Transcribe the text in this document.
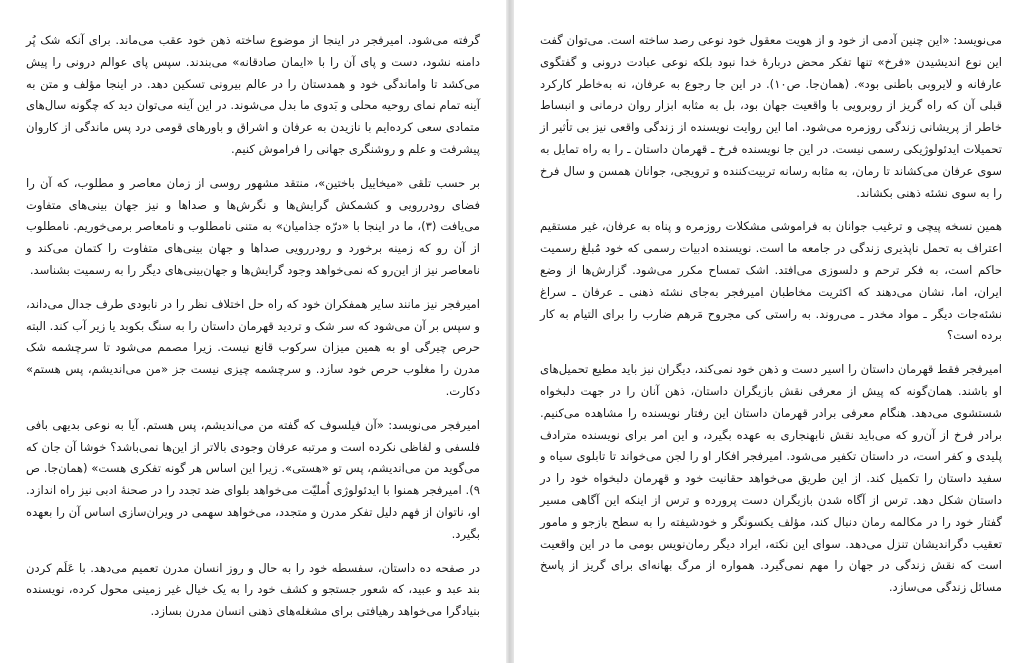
گرفته می‌شود. امیرفجر در اینجا از موضوع ساخته ذهن خود عقب می‌ماند. برای آنکه شک پُر دامنه نشود، دست و پای آن را با «ایمان صادقانه» می‌بندند. سپس پای عوالم درونی را پیش می‌کشد تا واماندگی خود و همدستان را در عالم بیرونی تسکین دهد. در اینجا مؤلف و متن به آینه تمام نمای روحیه محلی و بَدوی ما بدل می‌شوند. در این آینه می‌توان دید که چگونه سال‌های متمادی سعی کرده‌ایم با نازیدن به عرفان و اشراق و باورهای قومی درد پس ماندگی از کاروان پیشرفت و علم و روشنگری جهانی را فراموش کنیم.

بر حسب تلقی «میخاییل باختین»، منتقد مشهور روسی از زمان معاصر و مطلوب، که آن را فضای رودررویی و کشمکش گرایش‌ها و نگرش‌ها و صداها و نیز جهان بینی‌های متفاوت می‌یافت (۳)، ما در اینجا با «درّه جذامیان» به متنی نامطلوب و نامعاصر برمی‌خوریم. نامطلوب از آن رو که زمینه برخورد و رودررویی صداها و جهان بینی‌های متفاوت را کتمان می‌کند و نامعاصر نیز از این‌رو که نمی‌خواهد وجود گرایش‌ها و جهان‌بینی‌های دیگر را به رسمیت بشناسد.

امیرفجر نیز مانند سایر همفکران خود که راه حل اختلاف نظر را در نابودی طرف جدال می‌داند، و سپس بر آن می‌شود که سر شک و تردید قهرمان داستان را به سنگ بکوبد یا زیر آب کند. البته حرص چیرگی او به همین میزان سرکوب قانع نیست. زیرا مصمم می‌شود تا سرچشمه شک مدرن را مغلوب حرص خود سازد. و سرچشمه چیزی نیست جز «من می‌اندیشم، پس هستم» دکارت.

امیرفجر می‌نویسد: «آن فیلسوف که گفته من می‌اندیشم، پس هستم. آیا به نوعی بدیهی بافی فلسفی و لفاظی نکرده است و مرتبه عرفان وجودی بالاتر از این‌ها نمی‌باشد؟ خوشا آن جان که می‌گوید من می‌اندیشم، پس تو «هستی». زیرا این اساس هر گونه تفکری هست» (همان‌جا. ص ۹). امیرفجر همنوا با ایدئولوژی اُملیّت می‌خواهد بلوای ضد تجدد را در صحنهٔ ادبی نیز راه اندازد. او، ناتوان از فهم دلیل تفکر مدرن و متجدد، می‌خواهد سهمی در ویران‌سازی اساس آن را بعهده بگیرد.

در صفحه ده داستان، سفسطه خود را به حال و روز انسان مدرن تعمیم می‌دهد. با عَلَم کردن بند عبد و عبید، که شعور جستجو و کشف خود را به یک خیال غیر زمینی محول کرده، نویسنده بنیادگرا می‌خواهد رهیافتی برای مشغله‌های ذهنی انسان مدرن بسازد.

می‌نویسد: «این چنین آدمی از خود و از هویت معقول خود نوعی رصد ساخته است. می‌توان گفت این نوع اندیشیدن «فرخ» تنها تفکر محض دربارهٔ خدا نبود بلکه نوعی عبادت درونی و گفتگوی عارفانه و لایروبی باطنی بود». (همان‌جا. ص۱۰). در این جا رجوع به عرفان، نه به‌خاطر کارکرد قبلی آن که راه گریز از روبرویی با واقعیت جهان بود، بل به مثابه ابزار روان درمانی و انبساط خاطر از پریشانی زندگی روزمره می‌شود. اما این روایت نویسنده از زندگی واقعی نیز بی تأثیر از تحمیلات ایدئولوژیکی رسمی نیست. در این جا نویسنده فرخ ـ قهرمان داستان ـ را به راه تمایل به سوی عرفان می‌کشاند تا رمان، به مثابه رسانه تربیت‌کننده و ترویجی، جوانان همسن و سال فرخ را به سوی نشئه ذهنی بکشاند.

همین نسخه پیچی و ترغیب جوانان به فراموشی مشکلات روزمره و پناه به عرفان، غیر مستقیم اعتراف به تحمل ناپذیری زندگی در جامعه ما است. نویسنده ادبیات رسمی که خود مُبلغ رسمیت حاکم است، به فکر ترحم و دلسوزی می‌افتد. اشک تمساح مکرر می‌شود. گزارش‌ها از وضع ایران، اما، نشان می‌دهند که اکثریت مخاطبان امیرفجر به‌جای نشئه ذهنی ـ عرفان ـ سراغ نشئه‌جات دیگر ـ مواد مخدر ـ می‌روند. به راستی کی مجروح مَرهم ضارب را برای التیام به کار برده است؟

امیرفجر فقط قهرمان داستان را اسیر دست و ذهن خود نمی‌کند، دیگران نیز باید مطیع تحمیل‌های او باشند. همان‌گونه که پیش از معرفی نقش بازیگران داستان، ذهن آنان را در جهت دلبخواه شستشوی می‌دهد. هنگام معرفی برادر قهرمان داستان این رفتار نویسنده را مشاهده می‌کنیم. برادر فرخ از آن‌رو که می‌باید نقش نابهنجاری به عهده بگیرد، و این امر برای نویسنده مترادف پلیدی و کفر است، در داستان تکفیر می‌شود. امیرفجر افکار او را لجن می‌خواند تا تابلوی سیاه و سفید داستان را تکمیل کند. از این طریق می‌خواهد حقانیت خود و قهرمان دلبخواه خود را در داستان شکل دهد. ترس از آگاه شدن بازیگران دست پرورده و ترس از اینکه این آگاهی مسیر گفتار خود را در مکالمه رمان دنبال کند، مؤلف یکسونگر و خودشیفته را به سطح بازجو و مامور تعقیب دگراندیشان تنزل می‌دهد. سوای این نکته، ایراد دیگر رمان‌نویس بومی ما در این واقعیت است که نقش زندگی در جهان را مهم نمی‌گیرد. همواره از مرگ بهانه‌ای برای گریز از پاسخ مسائل زندگی می‌سازد.
